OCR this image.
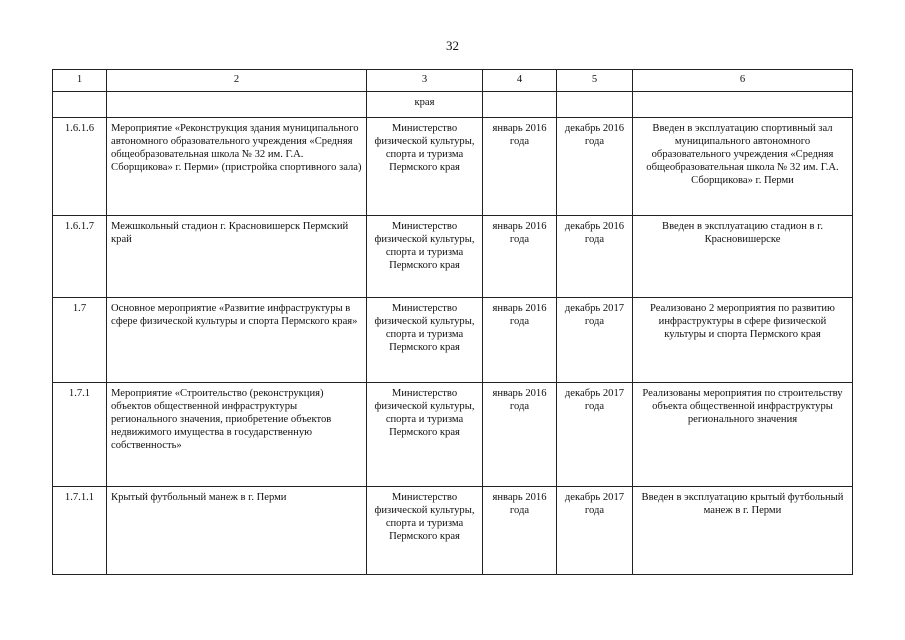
32
1	2	3	4	5	6
		края			
1.6.1.6	Мероприятие «Реконструкция здания муниципального автономного образовательного учреждения «Средняя общеобразовательная школа № 32 им. Г.А. Сборщикова» г. Перми» (пристройка спортивного зала)	Министерство физической культуры, спорта и туризма Пермского края	январь 2016 года	декабрь 2016 года	Введен в эксплуатацию спортивный зал муниципального автономного образовательного учреждения «Средняя общеобразовательная школа № 32 им. Г.А. Сборщикова» г. Перми
1.6.1.7	Межшкольный стадион г. Красновишерск Пермский край	Министерство физической культуры, спорта и туризма Пермского края	январь 2016 года	декабрь 2016 года	Введен в эксплуатацию стадион в г. Красновишерске
1.7	Основное мероприятие «Развитие инфраструктуры в сфере физической культуры и спорта Пермского края»	Министерство физической культуры, спорта и туризма Пермского края	январь 2016 года	декабрь 2017 года	Реализовано 2 мероприятия по развитию инфраструктуры в сфере физической культуры и спорта Пермского края
1.7.1	Мероприятие «Строительство (реконструкция) объектов общественной инфраструктуры регионального значения, приобретение объектов недвижимого имущества в государственную собственность»	Министерство физической культуры, спорта и туризма Пермского края	январь 2016 года	декабрь 2017 года	Реализованы мероприятия по строительству объекта общественной инфраструктуры регионального значения
1.7.1.1	Крытый футбольный манеж в г. Перми	Министерство физической культуры, спорта и туризма Пермского края	январь 2016 года	декабрь 2017 года	Введен в эксплуатацию крытый футбольный манеж в г. Перми
